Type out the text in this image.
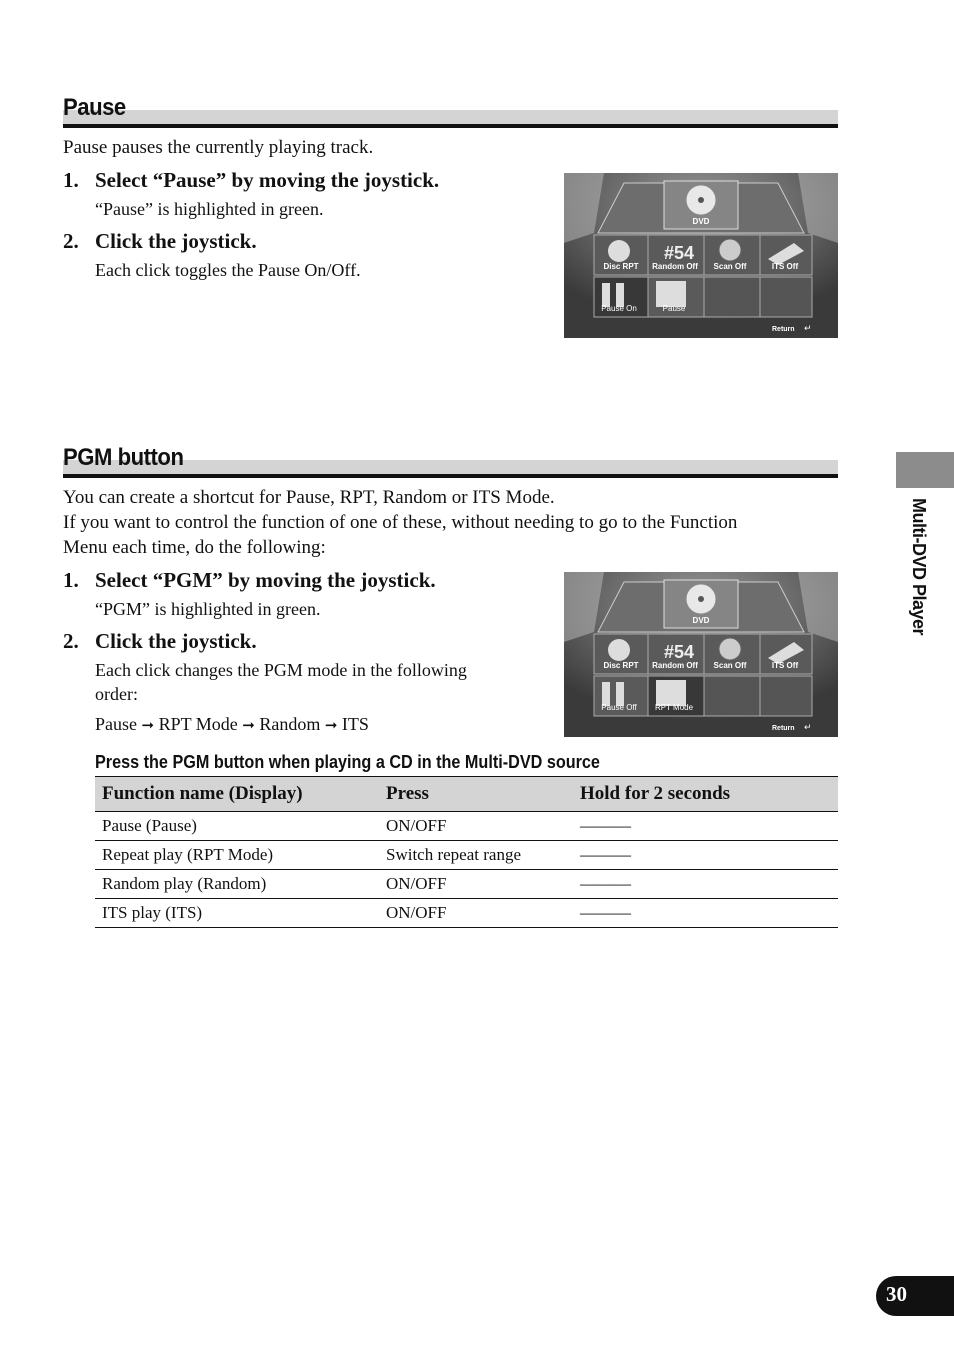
Pause
Pause pauses the currently playing track.
1. Select “Pause” by moving the joystick.
“Pause” is highlighted in green.
2. Click the joystick.
Each click toggles the Pause On/Off.
DVD
#54
Disc RPT Random Off Scan Off	ITS Off
Pause On	Pause
Return ↵
PGM button
You can create a shortcut for Pause, RPT, Random or ITS Mode.
If you want to control the function of one of these, without needing to go to the Function
Menu each time, do the following:
1. Select “PGM” by moving the joystick.
“PGM” is highlighted in green.
2. Click the joystick.
Each click changes the PGM mode in the following
order:
Pause ➞ RPT Mode ➞ Random ➞ ITS
DVD
#54
Disc RPT Random Off Scan Off	ITS Off
Pause Off RPT Mode
Return ↵
Press the PGM button when playing a CD in the Multi-DVD source
Function name (Display)	Press	Hold for 2 seconds
Pause (Pause)	ON/OFF	———
Repeat play (RPT Mode)	Switch repeat range	———
Random play (Random)	ON/OFF	———
ITS play (ITS)	ON/OFF	———
Multi-DVD Player
30
